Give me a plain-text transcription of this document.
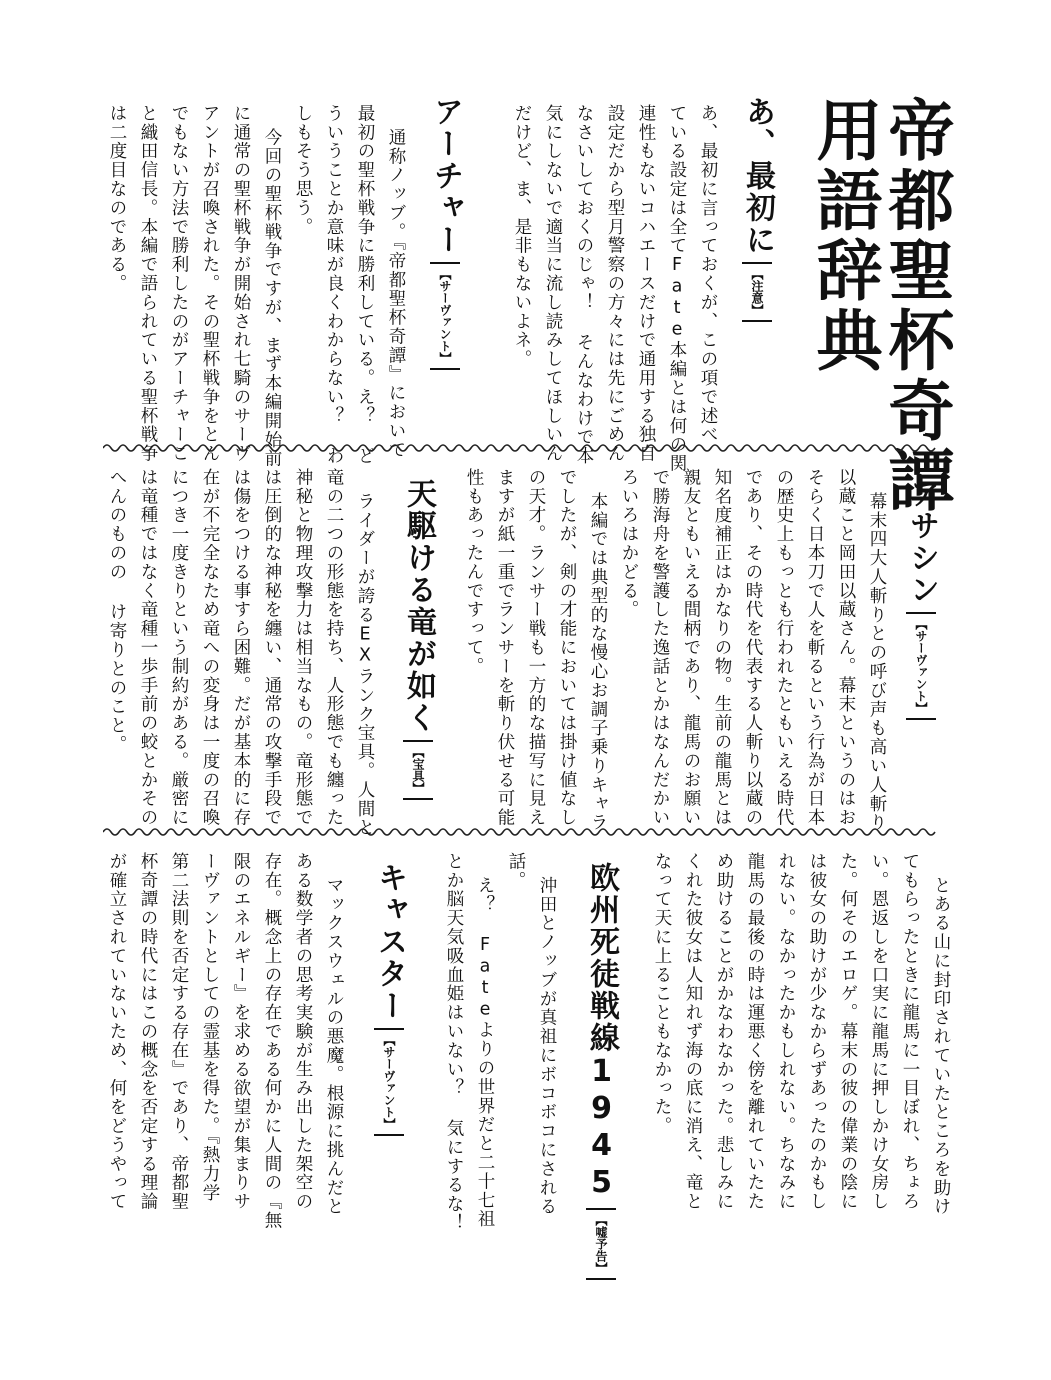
帝都聖杯奇譚
用語辞典
あ、最初に【注意】
あ、最初に言っておくが、この項で述べ
ている設定は全てFate本編とは何の関
連性もないコハエースだけで通用する独自
設定だから型月警察の方々には先にごめん
なさいしておくのじゃ！ そんなわけで本
気にしないで適当に流し読みしてほしいん
だけど、ま、是非もないよネ。
アーチャー【サーヴァント】
通称ノッブ。『帝都聖杯奇譚』において
最初の聖杯戦争に勝利している。え？ ど
ういうことか意味が良くわからない？ わ
しもそう思う。
今回の聖杯戦争ですが、まず本編開始前
に通常の聖杯戦争が開始され七騎のサーヴ
アントが召喚された。その聖杯戦争をとん
でもない方法で勝利したのがアーチャーこ
と織田信長。本編で語られている聖杯戦争
は二度目なのである。
アサシン【サーヴァント】
幕末四大人斬りとの呼び声も高い人斬り
以蔵こと岡田以蔵さん。幕末というのはお
そらく日本刀で人を斬るという行為が日本
の歴史上もっとも行われたともいえる時代
であり、その時代を代表する人斬り以蔵の
知名度補正はかなりの物。生前の龍馬とは
親友ともいえる間柄であり、龍馬のお願い
で勝海舟を警護した逸話とかはなんだかい
ろいろはかどる。
本編では典型的な慢心お調子乗りキャラ
でしたが、剣の才能においては掛け値なし
の天才。ランサー戦も一方的な描写に見え
ますが紙一重でランサーを斬り伏せる可能
性もあったんですって。
天駆ける竜が如く【宝具】
ライダーが誇るEXランク宝具。人間と
竜の二つの形態を持ち、人形態でも纏った
神秘と物理攻撃力は相当なもの。竜形態で
は圧倒的な神秘を纏い、通常の攻撃手段で
は傷をつける事すら困難。だが基本的に存
在が不完全なため竜への変身は一度の召喚
につき一度きりという制約がある。厳密に
は竜種ではなく竜種一歩手前の蛟とかその
へんのものの け寄りとのこと。
とある山に封印されていたところを助け
てもらったときに龍馬に一目ぼれ、ちょろ
い。恩返しを口実に龍馬に押しかけ女房し
た。何そのエロゲ。幕末の彼の偉業の陰に
は彼女の助けが少なからずあったのかもし
れない。なかったかもしれない。ちなみに
龍馬の最後の時は運悪く傍を離れていたた
め助けることがかなわなかった。悲しみに
くれた彼女は人知れず海の底に消え、竜と
なって天に上ることもなかった。
欧州死徒戦線1945【嘘予告】
沖田とノッブが真祖にボコボコにされる
話。
え？ Fateよりの世界だと二十七祖
とか脳天気吸血姫はいない？ 気にするな！
キャスター【サーヴァント】
マックスウェルの悪魔。根源に挑んだと
ある数学者の思考実験が生み出した架空の
存在。概念上の存在である何かに人間の『無
限のエネルギー』を求める欲望が集まりサ
ーヴァントとしての霊基を得た。『熱力学
第二法則を否定する存在』であり、帝都聖
杯奇譚の時代にはこの概念を否定する理論
が確立されていないため、何をどうやって
